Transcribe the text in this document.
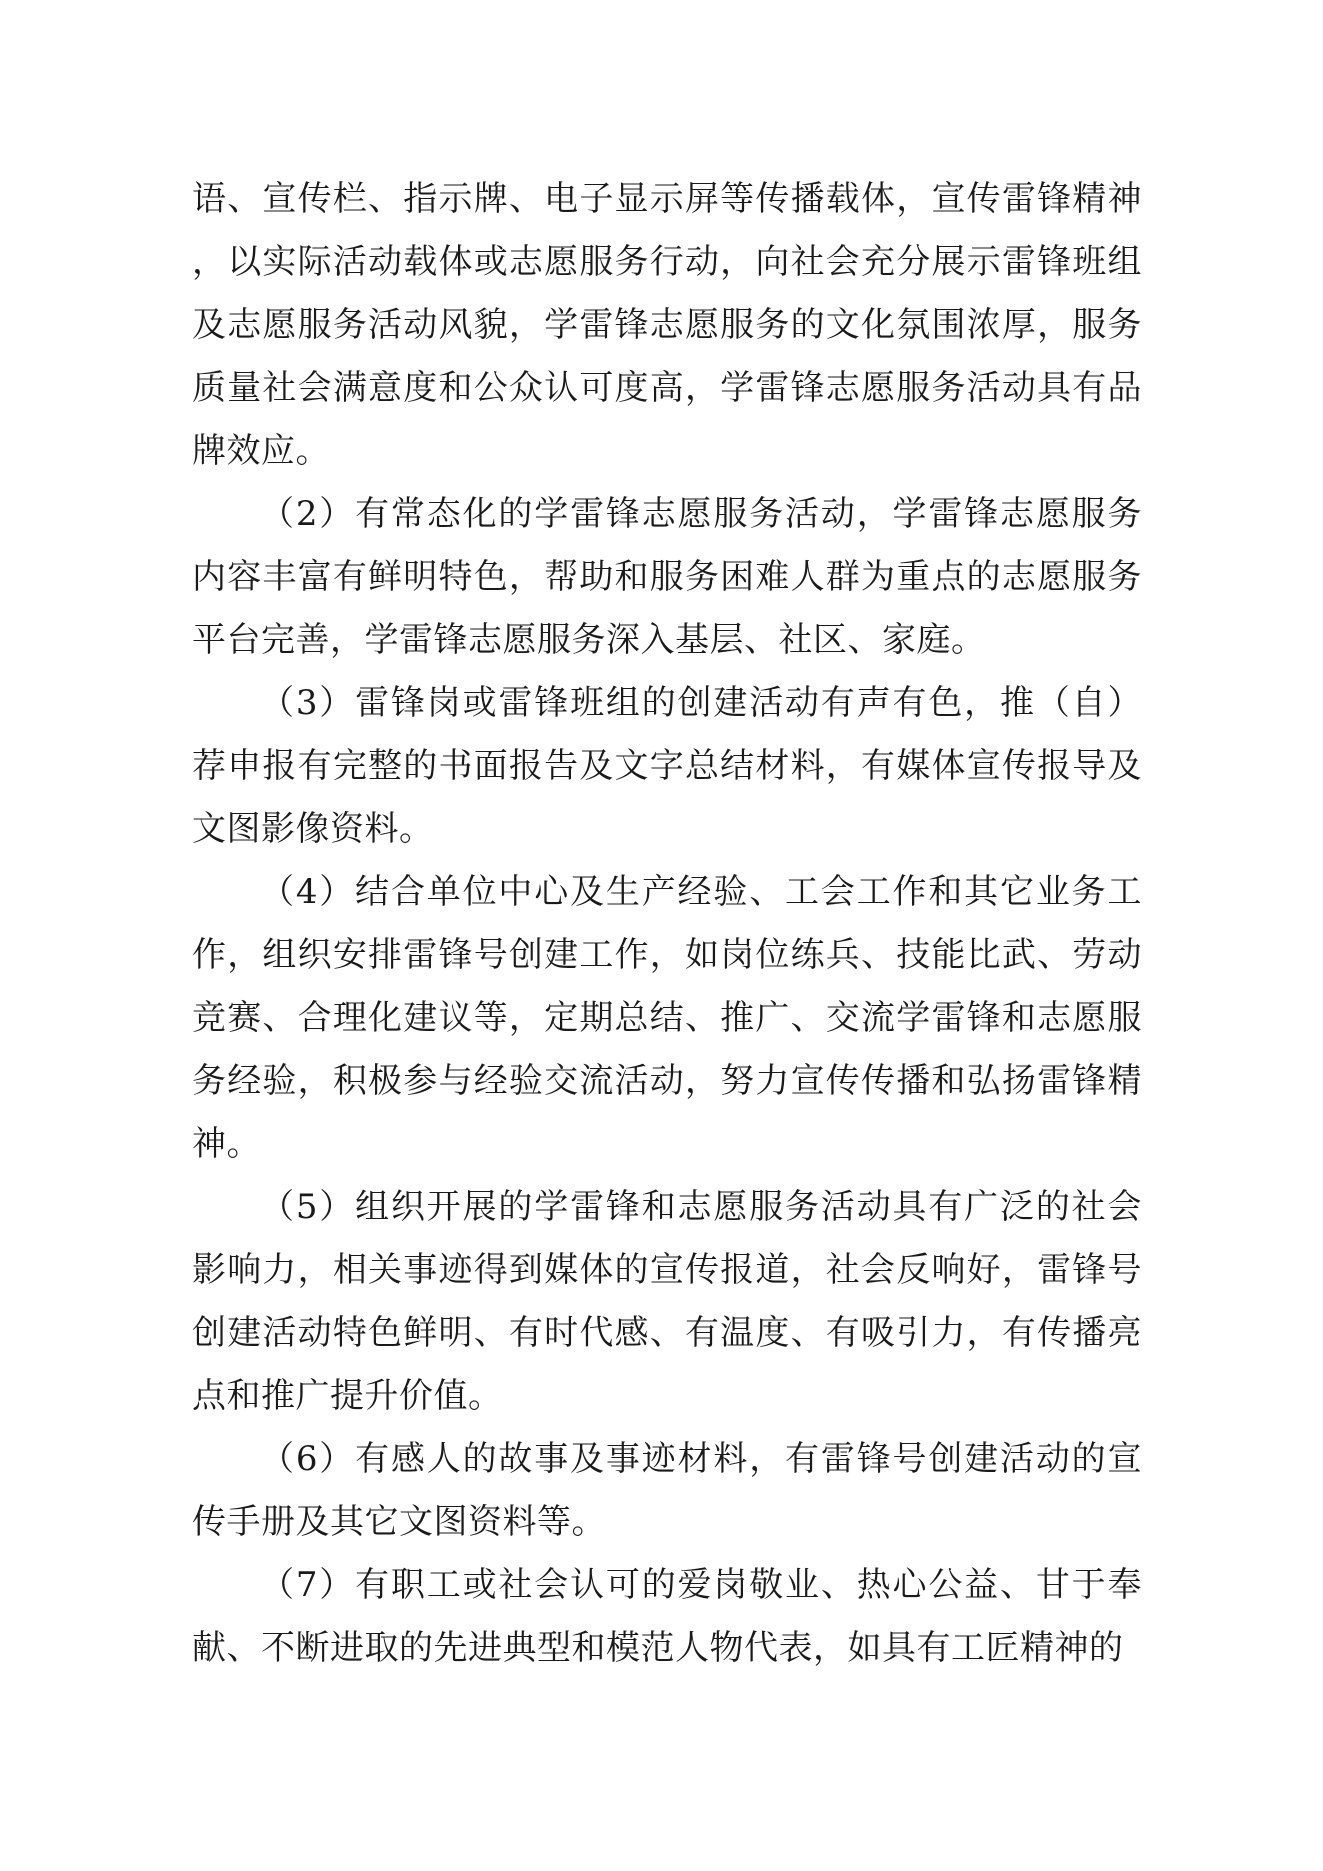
语、宣传栏、指示牌、电子显示屏等传播载体，宣传雷锋精神，以实际活动载体或志愿服务行动，向社会充分展示雷锋班组及志愿服务活动风貌，学雷锋志愿服务的文化氛围浓厚，服务质量社会满意度和公众认可度高，学雷锋志愿服务活动具有品牌效应。

（2）有常态化的学雷锋志愿服务活动，学雷锋志愿服务内容丰富有鲜明特色，帮助和服务困难人群为重点的志愿服务平台完善，学雷锋志愿服务深入基层、社区、家庭。

（3）雷锋岗或雷锋班组的创建活动有声有色，推（自）荐申报有完整的书面报告及文字总结材料，有媒体宣传报导及文图影像资料。

（4）结合单位中心及生产经验、工会工作和其它业务工作，组织安排雷锋号创建工作，如岗位练兵、技能比武、劳动竞赛、合理化建议等，定期总结、推广、交流学雷锋和志愿服务经验，积极参与经验交流活动，努力宣传传播和弘扬雷锋精神。

（5）组织开展的学雷锋和志愿服务活动具有广泛的社会影响力，相关事迹得到媒体的宣传报道，社会反响好，雷锋号创建活动特色鲜明、有时代感、有温度、有吸引力，有传播亮点和推广提升价值。

（6）有感人的故事及事迹材料，有雷锋号创建活动的宣传手册及其它文图资料等。

（7）有职工或社会认可的爱岗敬业、热心公益、甘于奉献、不断进取的先进典型和模范人物代表，如具有工匠精神的
